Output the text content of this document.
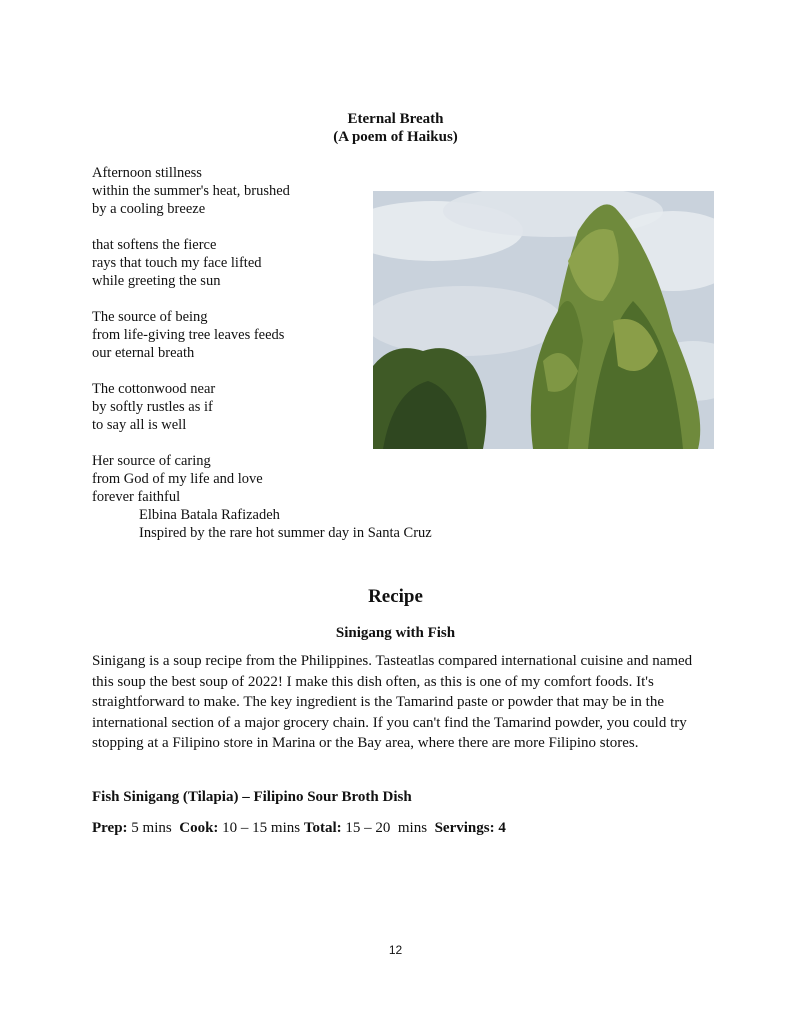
Eternal Breath
(A poem of Haikus)
Afternoon stillness
within the summer's heat, brushed
by a cooling breeze
that softens the fierce
rays that touch my face lifted
while greeting the sun
The source of being
from life-giving tree leaves feeds
our eternal breath
The cottonwood near
by softly rustles as if
to say all is well
Her source of caring
from God of my life and love
forever faithful
Elbina Batala Rafizadeh
Inspired by the rare hot summer day in Santa Cruz
Recipe
Sinigang with Fish
Sinigang is a soup recipe from the Philippines. Tasteatlas compared international cuisine and named this soup the best soup of 2022! I make this dish often, as this is one of my comfort foods. It's straightforward to make. The key ingredient is the Tamarind paste or powder that may be in the international section of a major grocery chain. If you can't find the Tamarind powder, you could try stopping at a Filipino store in Marina or the Bay area, where there are more Filipino stores.
Fish Sinigang (Tilapia) – Filipino Sour Broth Dish
Prep: 5 mins Cook: 10 – 15 mins Total: 15 – 20  mins Servings: 4
12
